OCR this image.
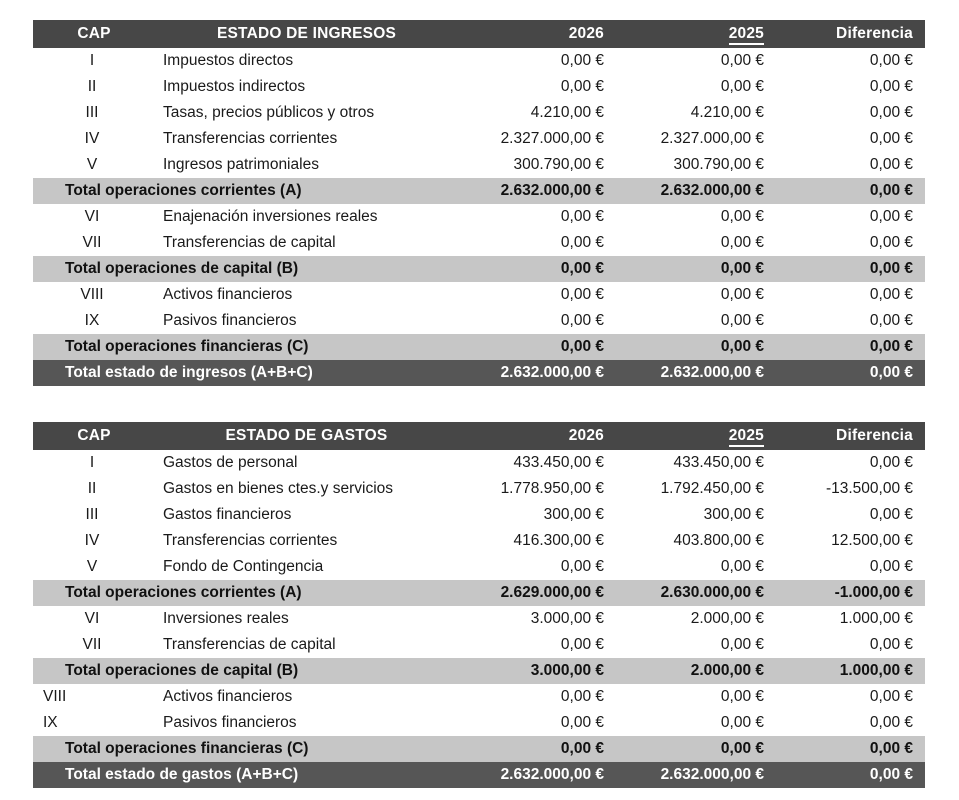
CAP	ESTADO DE INGRESOS	2026	2025	Diferencia
I	Impuestos directos	0,00 €	0,00 €	0,00 €
II	Impuestos indirectos	0,00 €	0,00 €	0,00 €
III	Tasas, precios públicos y otros	4.210,00 €	4.210,00 €	0,00 €
IV	Transferencias corrientes	2.327.000,00 €	2.327.000,00 €	0,00 €
V	Ingresos patrimoniales	300.790,00 €	300.790,00 €	0,00 €
Total operaciones corrientes (A)		2.632.000,00 €	2.632.000,00 €	0,00 €
VI	Enajenación inversiones reales	0,00 €	0,00 €	0,00 €
VII	Transferencias de capital	0,00 €	0,00 €	0,00 €
Total operaciones de capital (B)		0,00 €	0,00 €	0,00 €
VIII	Activos financieros	0,00 €	0,00 €	0,00 €
IX	Pasivos financieros	0,00 €	0,00 €	0,00 €
Total operaciones financieras (C)		0,00 €	0,00 €	0,00 €
Total estado de ingresos (A+B+C)		2.632.000,00 €	2.632.000,00 €	0,00 €
CAP	ESTADO DE GASTOS	2026	2025	Diferencia
I	Gastos de personal	433.450,00 €	433.450,00 €	0,00 €
II	Gastos en bienes ctes.y servicios	1.778.950,00 €	1.792.450,00 €	-13.500,00 €
III	Gastos financieros	300,00 €	300,00 €	0,00 €
IV	Transferencias corrientes	416.300,00 €	403.800,00 €	12.500,00 €
V	Fondo de Contingencia	0,00 €	0,00 €	0,00 €
Total operaciones corrientes (A)		2.629.000,00 €	2.630.000,00 €	-1.000,00 €
VI	Inversiones reales	3.000,00 €	2.000,00 €	1.000,00 €
VII	Transferencias de capital	0,00 €	0,00 €	0,00 €
Total operaciones de capital (B)		3.000,00 €	2.000,00 €	1.000,00 €
VIII	Activos financieros	0,00 €	0,00 €	0,00 €
IX	Pasivos financieros	0,00 €	0,00 €	0,00 €
Total operaciones financieras (C)		0,00 €	0,00 €	0,00 €
Total estado de gastos (A+B+C)		2.632.000,00 €	2.632.000,00 €	0,00 €
